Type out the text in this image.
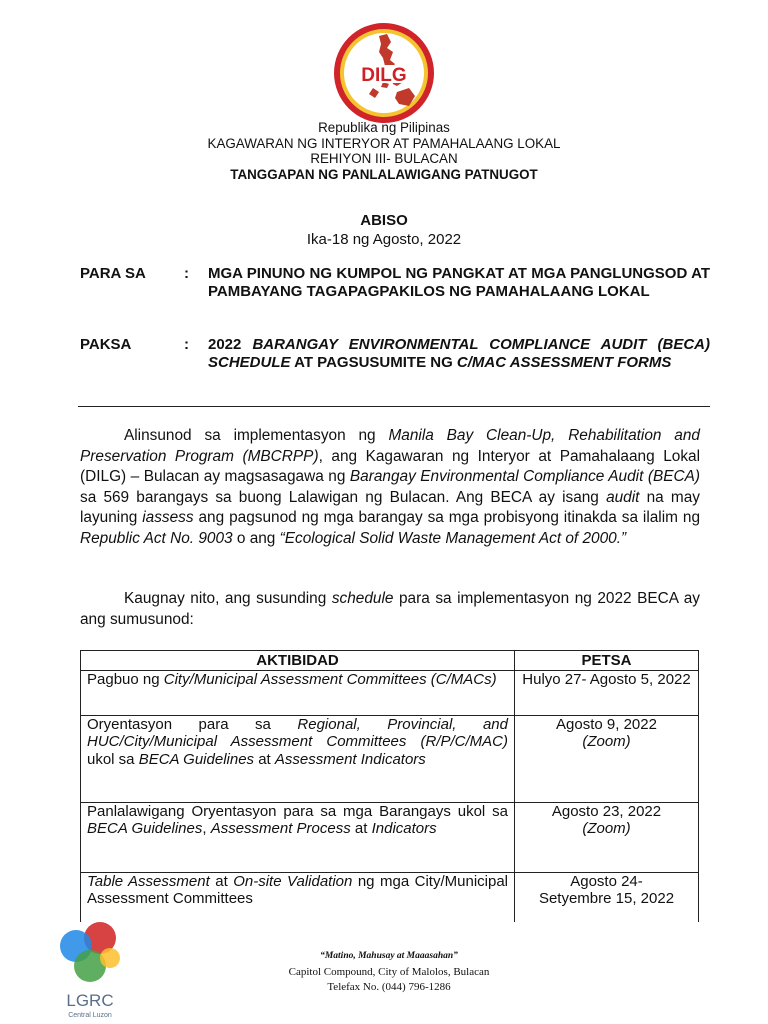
DILG
Republika ng Pilipinas
KAGAWARAN NG INTERYOR AT PAMAHALAANG LOKAL
REHIYON III- BULACAN
TANGGAPAN NG PANLALAWIGANG PATNUGOT
ABISO
Ika-18 ng Agosto, 2022
PARA SA	: MGA PINUNO NG KUMPOL NG PANGKAT AT MGA PANGLUNGSOD AT PAMBAYANG TAGAPAGPAKILOS NG PAMAHALAANG LOKAL
PAKSA	: 2022 BARANGAY ENVIRONMENTAL COMPLIANCE AUDIT (BECA) SCHEDULE AT PAGSUSUMITE NG C/MAC ASSESSMENT FORMS

Alinsunod sa implementasyon ng Manila Bay Clean-Up, Rehabilitation and Preservation Program (MBCRPP), ang Kagawaran ng Interyor at Pamahalaang Lokal (DILG) – Bulacan ay magsasagawa ng Barangay Environmental Compliance Audit (BECA) sa 569 barangays sa buong Lalawigan ng Bulacan. Ang BECA ay isang audit na may layuning iassess ang pagsunod ng mga barangay sa mga probisyong itinakda sa ilalim ng Republic Act No. 9003 o ang “Ecological Solid Waste Management Act of 2000.”

Kaugnay nito, ang susunding schedule para sa implementasyon ng 2022 BECA ay ang sumusunod:

AKTIBIDAD	PETSA
Pagbuo ng City/Municipal Assessment Committees (C/MACs)	Hulyo 27- Agosto 5, 2022
Oryentasyon para sa Regional, Provincial, and HUC/City/Municipal Assessment Committees (R/P/C/MAC) ukol sa BECA Guidelines at Assessment Indicators	Agosto 9, 2022
(Zoom)

Panlalawigang Oryentasyon para sa mga Barangays ukol sa BECA Guidelines, Assessment Process at Indicators	Agosto 23, 2022
(Zoom)

Table Assessment at On-site Validation ng mga City/Municipal Assessment Committees	Agosto 24-
Setyembre 15, 2022
LGRC
Central Luzon
“Matino, Mahusay at Maaasahan”
Capitol Compound, City of Malolos, Bulacan
Telefax No. (044) 796-1286
